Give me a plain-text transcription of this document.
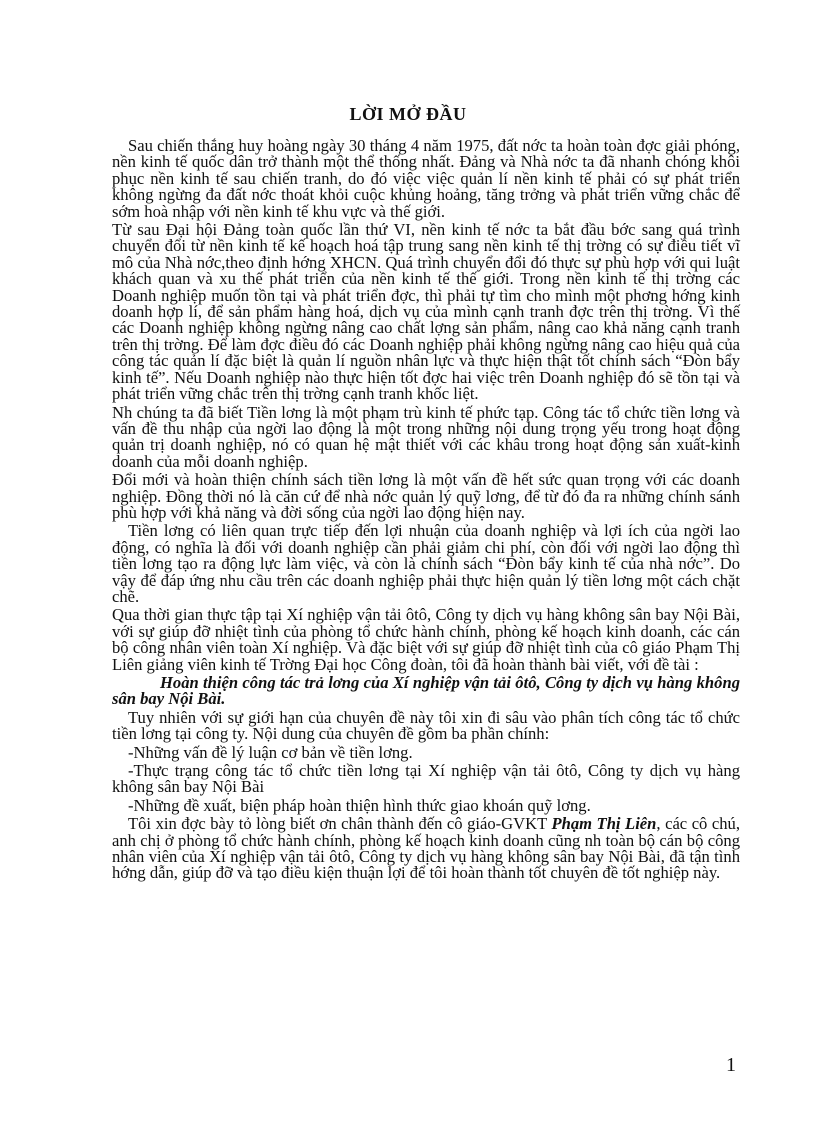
LỜI MỞ ĐẦU

Sau chiến thắng huy hoàng ngày 30 tháng 4 năm 1975, đất nớc ta hoàn toàn đợc giải phóng, nền kinh tế quốc dân trở thành một thể thống nhất. Đảng và Nhà nớc ta đã nhanh chóng khôi phục nền kinh tế sau chiến tranh, do đó việc việc quản lí nền kinh tế phải có sự phát triển không ngừng đa đất nớc thoát khỏi cuộc khủng hoảng, tăng trởng và phát triển vững chắc để sớm hoà nhập với nền kinh tế khu vực và thế giới.

Từ sau Đại hội Đảng toàn quốc lần thứ VI, nền kinh tế nớc ta bắt đầu bớc sang quá trình chuyển đổi từ nền kinh tế kế hoạch hoá tập trung sang nền kinh tế thị trờng có sự điều tiết vĩ mô của Nhà nớc,theo định hớng XHCN. Quá trình chuyển đổi đó thực sự phù hợp với qui luật khách quan và xu thế phát triển của nền kinh tế thế giới. Trong nền kinh tế thị trờng các Doanh nghiệp muốn tồn tại và phát triển đợc, thì phải tự tìm cho mình một phơng hớng kinh doanh hợp lí, để sản phẩm hàng hoá, dịch vụ của mình cạnh tranh đợc trên thị trờng. Vì thế các Doanh nghiệp không ngừng nâng cao chất lợng sản phẩm, nâng cao khả năng cạnh tranh trên thị trờng. Để làm đợc điều đó các Doanh nghiệp phải không ngừng nâng cao hiệu quả của công tác quản lí đặc biệt là quản lí nguồn nhân lực và thực hiện thật tốt chính sách “Đòn bẩy kinh tế”. Nếu Doanh nghiệp nào thực hiện tốt đợc hai việc trên Doanh nghiệp đó sẽ tồn tại và phát triển vững chắc trên thị trờng cạnh tranh khốc liệt.

Nh chúng ta đã biết Tiền lơng là một phạm trù kinh tế phức tạp. Công tác tổ chức tiền lơng và vấn đề thu nhập của ngời lao động là một trong những nội dung trọng yếu trong hoạt động quản trị doanh nghiệp, nó có quan hệ mật thiết với các khâu trong hoạt động sản xuất-kinh doanh của mỗi doanh nghiệp.

Đổi mới và hoàn thiện chính sách tiền lơng là một vấn đề hết sức quan trọng với các doanh nghiệp. Đồng thời nó là căn cứ để nhà nớc quản lý quỹ lơng, để từ đó đa ra những chính sánh phù hợp với khả năng và đời sống của ngời lao động hiện nay.

Tiền lơng có liên quan trực tiếp đến lợi nhuận của doanh nghiệp và lợi ích của ngời lao động, có nghĩa là đối với doanh nghiệp cần phải giảm chi phí, còn đối với ngời lao động thì tiền lơng tạo ra động lực làm việc, và còn là chính sách “Đòn bẩy kinh tế của nhà nớc”. Do vậy để đáp ứng nhu cầu trên các doanh nghiệp phải thực hiện quản lý tiền lơng một cách chặt chẽ.

Qua thời gian thực tập tại Xí nghiệp vận tải ôtô, Công ty dịch vụ hàng không sân bay Nội Bài, với sự giúp đỡ nhiệt tình của phòng tổ chức hành chính, phòng kế hoạch kinh doanh, các cán bộ công nhân viên toàn Xí nghiệp. Và đặc biệt với sự giúp đỡ nhiệt tình của cô giáo Phạm Thị Liên giảng viên kinh tế Trờng Đại học Công đoàn, tôi đã hoàn thành bài viết, với đề tài :

Hoàn thiện công tác trả lơng của Xí nghiệp vận tải ôtô, Công ty dịch vụ hàng không sân bay Nội Bài.

Tuy nhiên với sự giới hạn của chuyên đề này tôi xin đi sâu vào phân tích công tác tổ chức tiền lơng tại công ty. Nội dung của chuyên đề gồm ba phần chính:

-Những vấn đề lý luận cơ bản về tiền lơng.

-Thực trạng công tác tổ chức tiền lơng tại Xí nghiệp vận tải ôtô, Công ty dịch vụ hàng không sân bay Nội Bài

-Những đề xuất, biện pháp hoàn thiện hình thức giao khoán quỹ lơng.

Tôi xin đợc bày tỏ lòng biết ơn chân thành đến cô giáo-GVKT Phạm Thị Liên, các cô chú, anh chị ở phòng tổ chức hành chính, phòng kế hoạch kinh doanh cũng nh toàn bộ cán bộ công nhân viên của Xí nghiệp vận tải ôtô, Công ty dịch vụ hàng không sân bay Nội Bài, đã tận tình hớng dẫn, giúp đỡ và tạo điều kiện thuận lợi để tôi hoàn thành tốt chuyên đề tốt nghiệp này.

1
